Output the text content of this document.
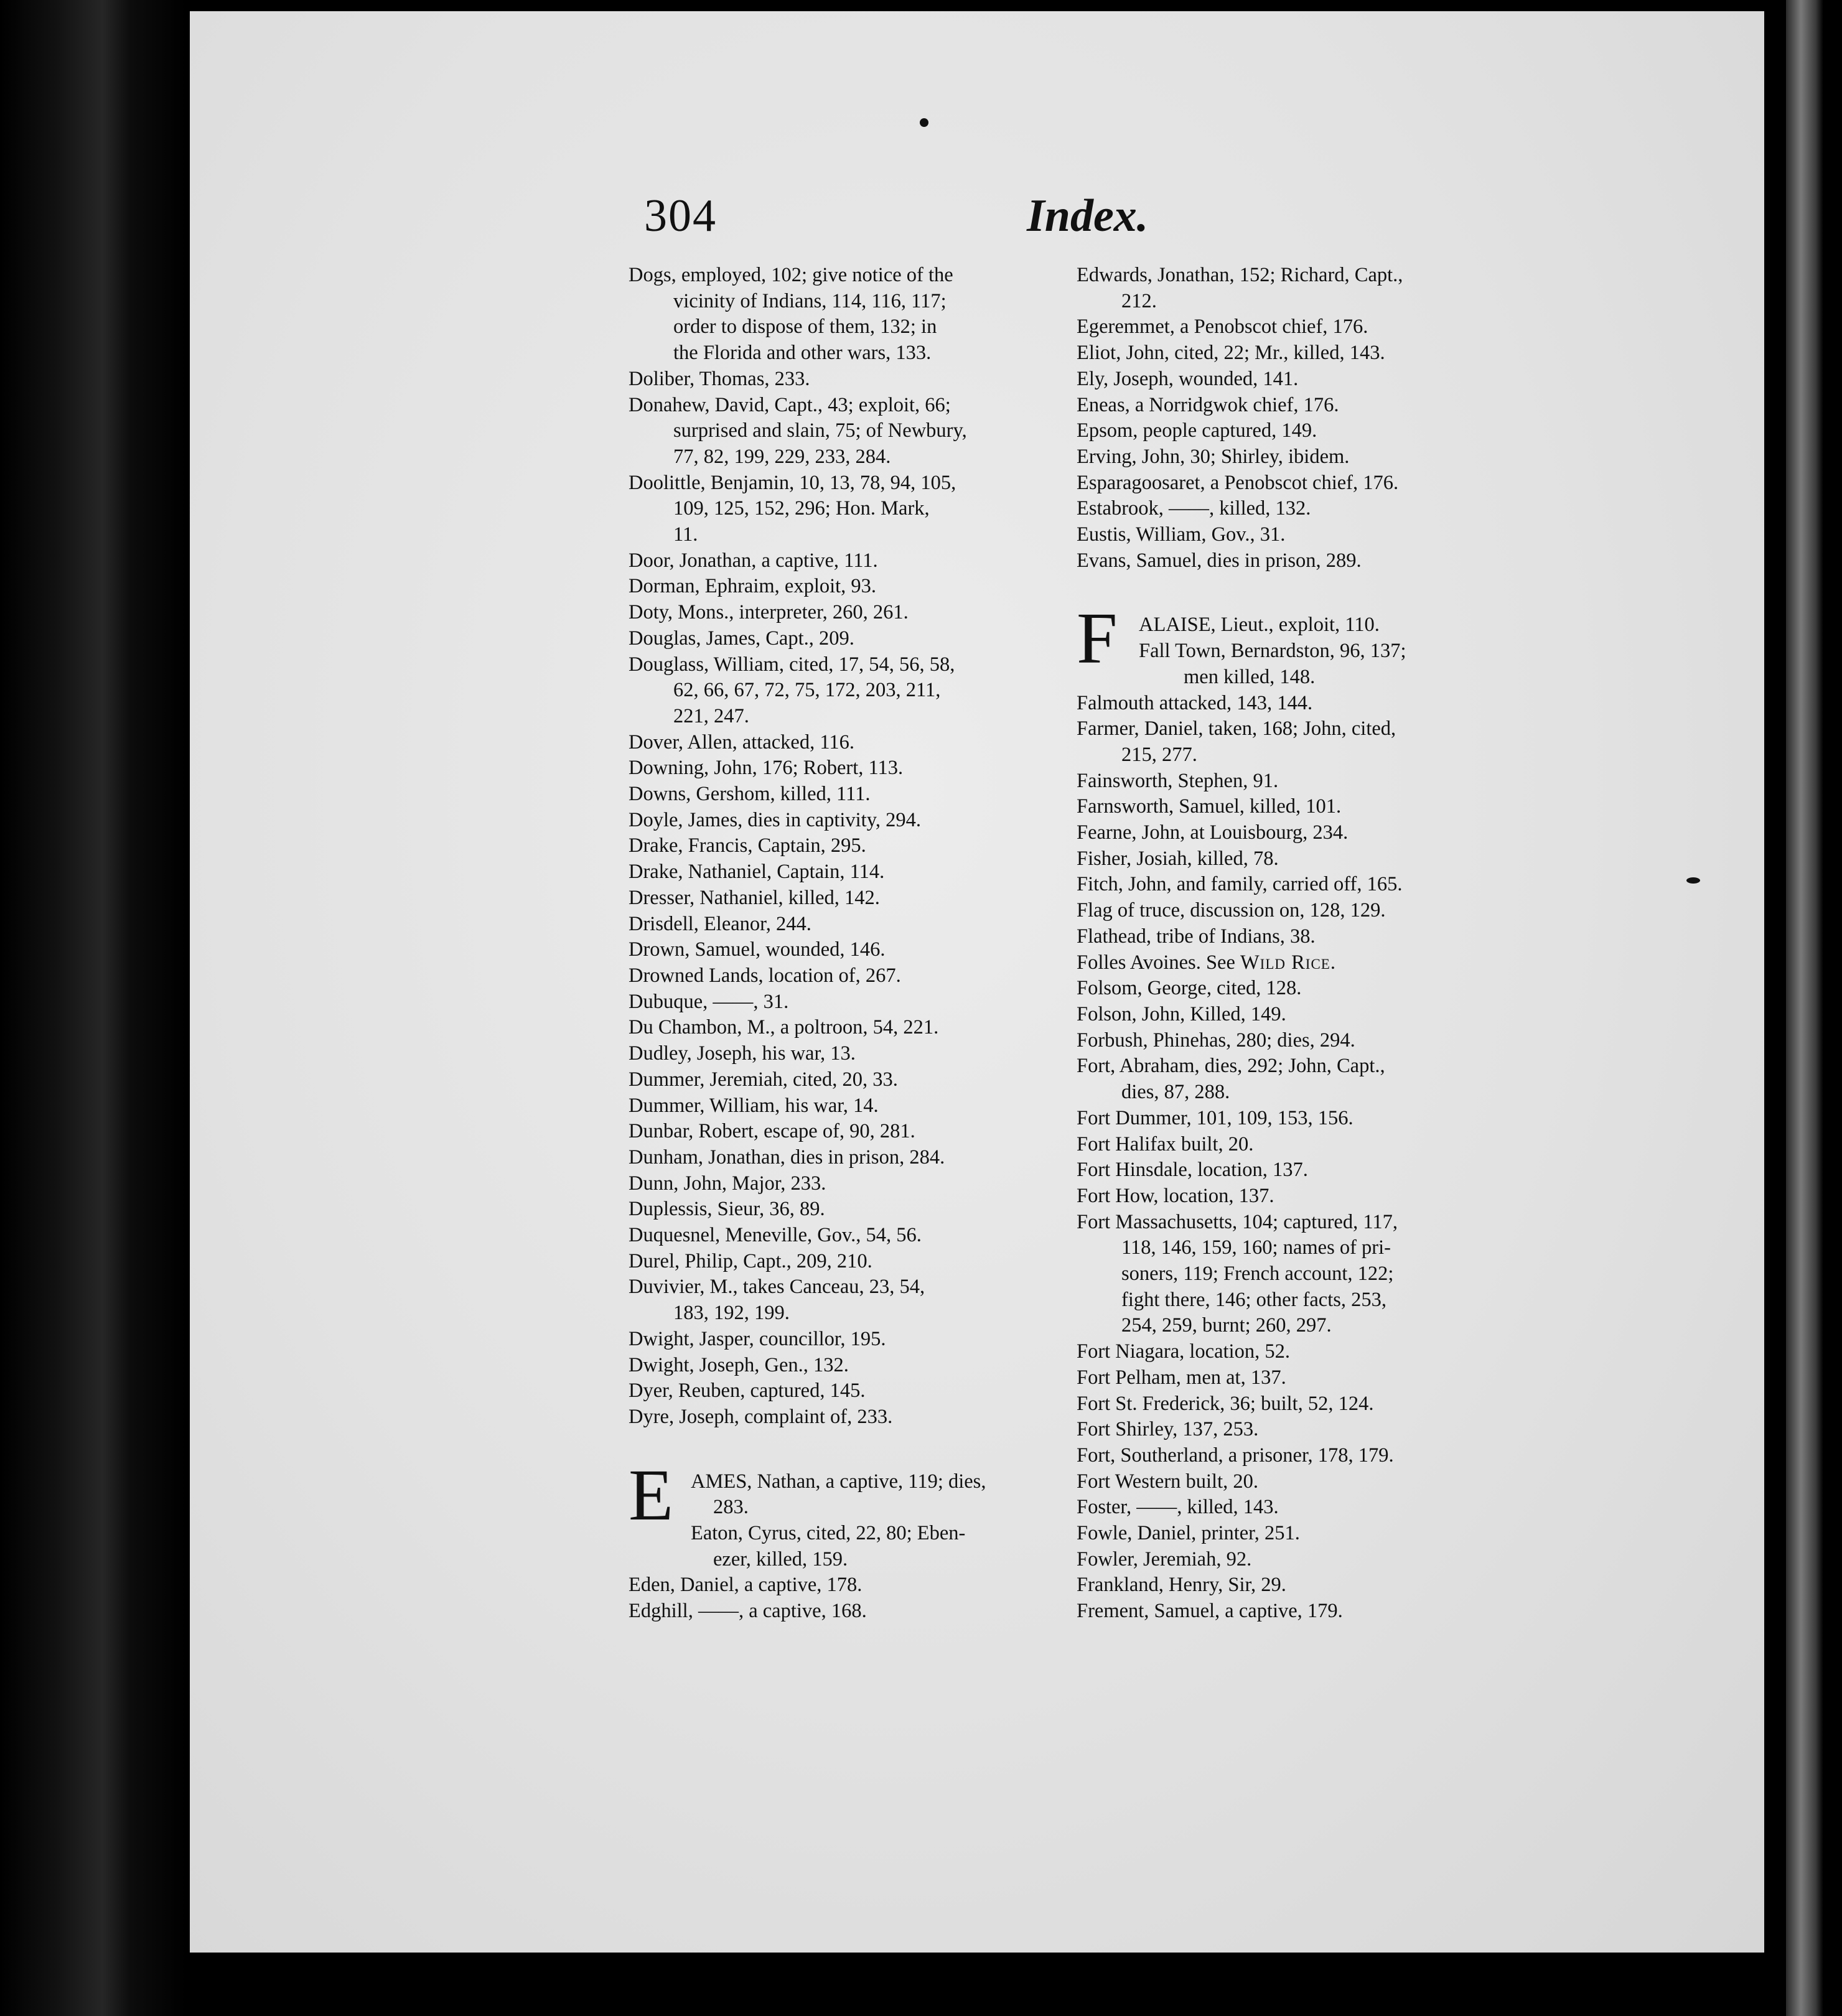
304	Index.
Dogs, employed, 102; give notice of the
vicinity of Indians, 114, 116, 117;
order to dispose of them, 132; in
the Florida and other wars, 133.
Doliber, Thomas, 233.
Donahew, David, Capt., 43; exploit, 66;
surprised and slain, 75; of Newbury,
77, 82, 199, 229, 233, 284.
Doolittle, Benjamin, 10, 13, 78, 94, 105,
109, 125, 152, 296; Hon. Mark,
11.
Door, Jonathan, a captive, 111.
Dorman, Ephraim, exploit, 93.
Doty, Mons., interpreter, 260, 261.
Douglas, James, Capt., 209.
Douglass, William, cited, 17, 54, 56, 58,
62, 66, 67, 72, 75, 172, 203, 211,
221, 247.
Dover, Allen, attacked, 116.
Downing, John, 176; Robert, 113.
Downs, Gershom, killed, 111.
Doyle, James, dies in captivity, 294.
Drake, Francis, Captain, 295.
Drake, Nathaniel, Captain, 114.
Dresser, Nathaniel, killed, 142.
Drisdell, Eleanor, 244.
Drown, Samuel, wounded, 146.
Drowned Lands, location of, 267.
Dubuque, ——, 31.
Du Chambon, M., a poltroon, 54, 221.
Dudley, Joseph, his war, 13.
Dummer, Jeremiah, cited, 20, 33.
Dummer, William, his war, 14.
Dunbar, Robert, escape of, 90, 281.
Dunham, Jonathan, dies in prison, 284.
Dunn, John, Major, 233.
Duplessis, Sieur, 36, 89.
Duquesnel, Meneville, Gov., 54, 56.
Durel, Philip, Capt., 209, 210.
Duvivier, M., takes Canceau, 23, 54,
183, 192, 199.
Dwight, Jasper, councillor, 195.
Dwight, Joseph, Gen., 132.
Dyer, Reuben, captured, 145.
Dyre, Joseph, complaint of, 233.
E AMES, Nathan, a captive, 119; dies,
283.
Eaton, Cyrus, cited, 22, 80; Eben-
ezer, killed, 159.
Eden, Daniel, a captive, 178.
Edghill, ——, a captive, 168.
Edwards, Jonathan, 152; Richard, Capt.,
212.
Egeremmet, a Penobscot chief, 176.
Eliot, John, cited, 22; Mr., killed, 143.
Ely, Joseph, wounded, 141.
Eneas, a Norridgwok chief, 176.
Epsom, people captured, 149.
Erving, John, 30; Shirley, ibidem.
Esparagoosaret, a Penobscot chief, 176.
Estabrook, ——, killed, 132.
Eustis, William, Gov., 31.
Evans, Samuel, dies in prison, 289.
F ALAISE, Lieut., exploit, 110.
Fall Town, Bernardston, 96, 137;
men killed, 148.
Falmouth attacked, 143, 144.
Farmer, Daniel, taken, 168; John, cited,
215, 277.
Fainsworth, Stephen, 91.
Farnsworth, Samuel, killed, 101.
Fearne, John, at Louisbourg, 234.
Fisher, Josiah, killed, 78.
Fitch, John, and family, carried off, 165.
Flag of truce, discussion on, 128, 129.
Flathead, tribe of Indians, 38.
Folles Avoines. See Wild Rice.
Folsom, George, cited, 128.
Folson, John, Killed, 149.
Forbush, Phinehas, 280; dies, 294.
Fort, Abraham, dies, 292; John, Capt.,
dies, 87, 288.
Fort Dummer, 101, 109, 153, 156.
Fort Halifax built, 20.
Fort Hinsdale, location, 137.
Fort How, location, 137.
Fort Massachusetts, 104; captured, 117,
118, 146, 159, 160; names of pri-
soners, 119; French account, 122;
fight there, 146; other facts, 253,
254, 259, burnt; 260, 297.
Fort Niagara, location, 52.
Fort Pelham, men at, 137.
Fort St. Frederick, 36; built, 52, 124.
Fort Shirley, 137, 253.
Fort, Southerland, a prisoner, 178, 179.
Fort Western built, 20.
Foster, ——, killed, 143.
Fowle, Daniel, printer, 251.
Fowler, Jeremiah, 92.
Frankland, Henry, Sir, 29.
Frement, Samuel, a captive, 179.
